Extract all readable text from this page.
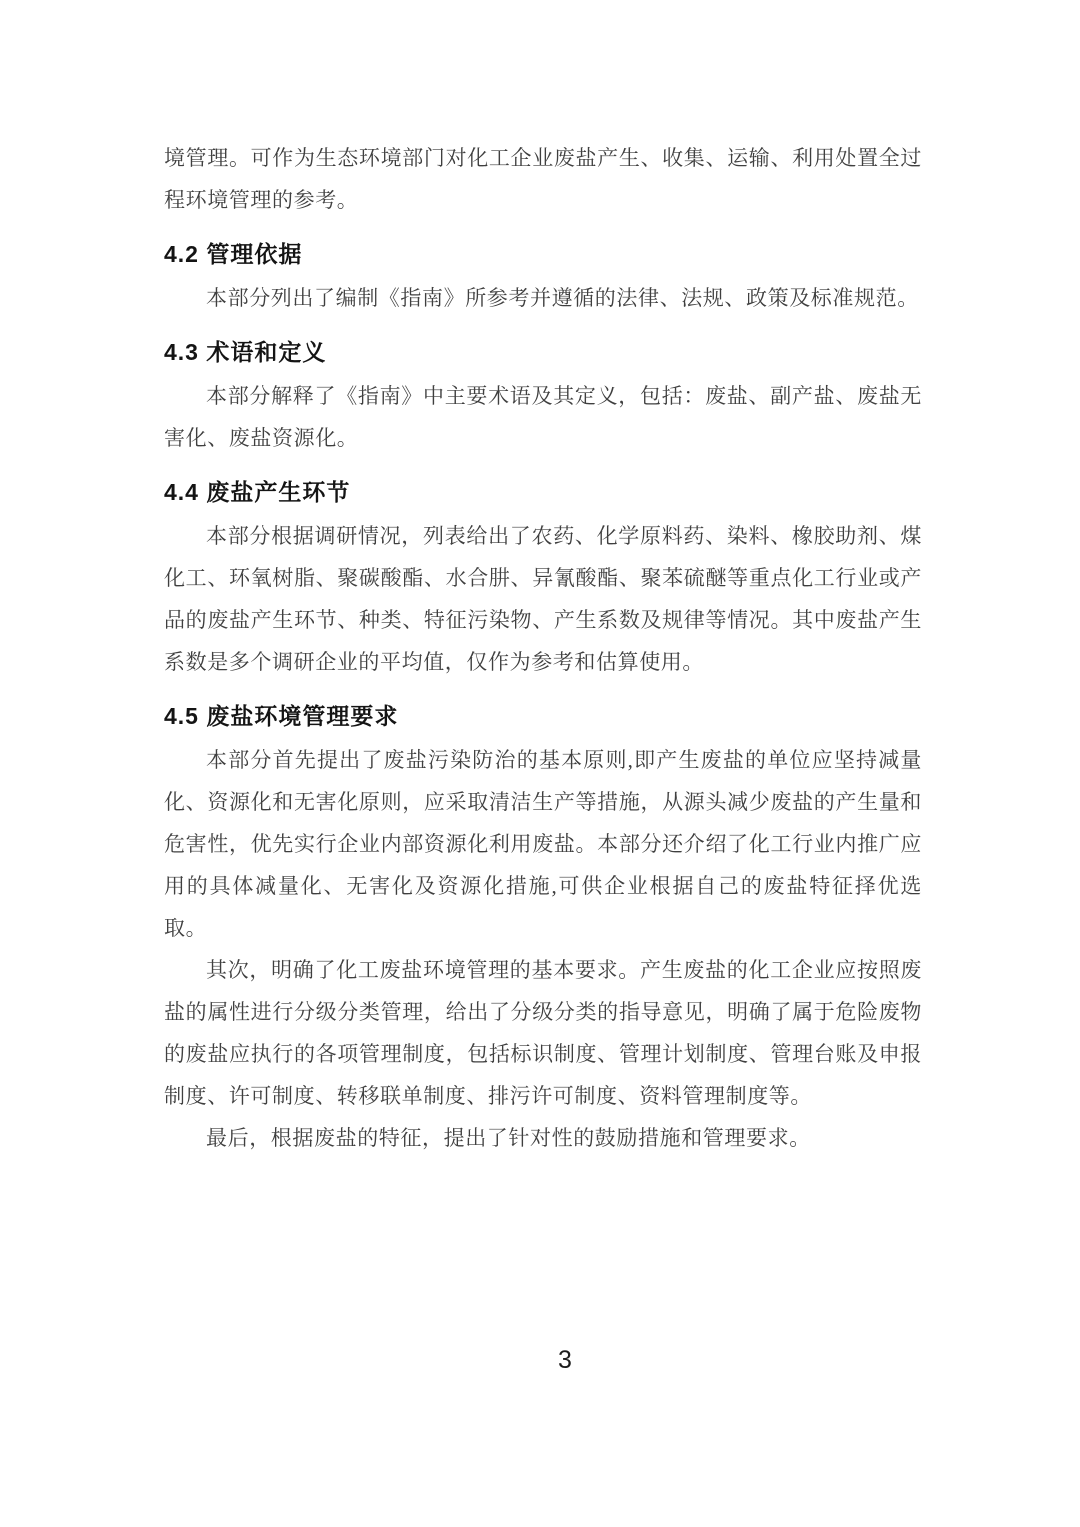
境管理。可作为生态环境部门对化工企业废盐产生、收集、运输、利用处置全过程环境管理的参考。

4.2 管理依据

本部分列出了编制《指南》所参考并遵循的法律、法规、政策及标准规范。

4.3 术语和定义

本部分解释了《指南》中主要术语及其定义，包括：废盐、副产盐、废盐无害化、废盐资源化。

4.4 废盐产生环节

本部分根据调研情况，列表给出了农药、化学原料药、染料、橡胶助剂、煤化工、环氧树脂、聚碳酸酯、水合肼、异氰酸酯、聚苯硫醚等重点化工行业或产品的废盐产生环节、种类、特征污染物、产生系数及规律等情况。其中废盐产生系数是多个调研企业的平均值，仅作为参考和估算使用。

4.5 废盐环境管理要求

本部分首先提出了废盐污染防治的基本原则,即产生废盐的单位应坚持减量化、资源化和无害化原则，应采取清洁生产等措施，从源头减少废盐的产生量和危害性，优先实行企业内部资源化利用废盐。本部分还介绍了化工行业内推广应用的具体减量化、无害化及资源化措施,可供企业根据自己的废盐特征择优选取。

其次，明确了化工废盐环境管理的基本要求。产生废盐的化工企业应按照废盐的属性进行分级分类管理，给出了分级分类的指导意见，明确了属于危险废物的废盐应执行的各项管理制度，包括标识制度、管理计划制度、管理台账及申报制度、许可制度、转移联单制度、排污许可制度、资料管理制度等。

最后，根据废盐的特征，提出了针对性的鼓励措施和管理要求。

3
